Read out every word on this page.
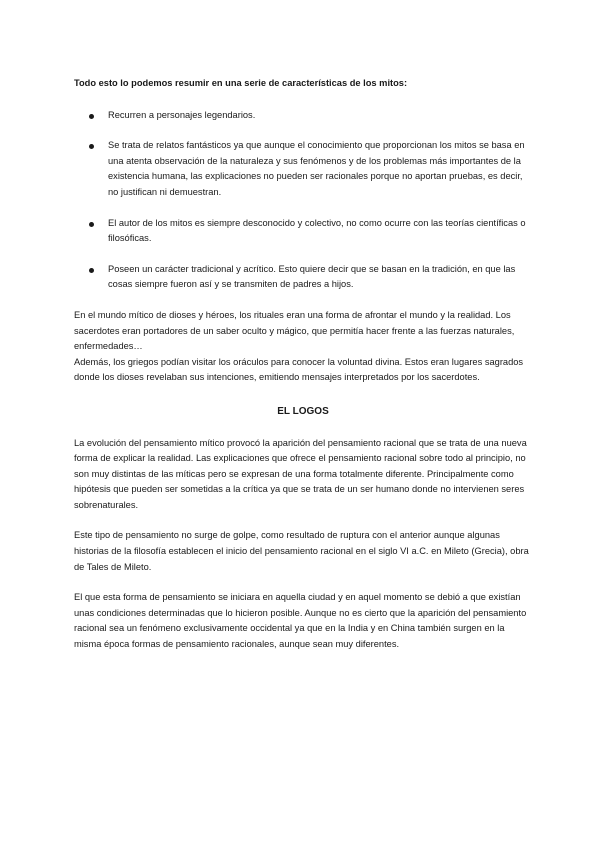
Todo esto lo podemos resumir en una serie de características de los mitos:

Recurren a personajes legendarios.
Se trata de relatos fantásticos ya que aunque el conocimiento que proporcionan los mitos se basa en una atenta observación de la naturaleza y sus fenómenos y de los problemas más importantes de la existencia humana, las explicaciones no pueden ser racionales porque no aportan pruebas, es decir, no justifican ni demuestran.
El autor de los mitos es siempre desconocido y colectivo, no como ocurre con las teorías científicas o filosóficas.
Poseen un carácter tradicional y acrítico. Esto quiere decir que se basan en la tradición, en que las cosas siempre fueron así y se transmiten de padres a hijos.

En el mundo mítico de dioses y héroes, los rituales eran una forma de afrontar el mundo y la realidad. Los sacerdotes eran portadores de un saber oculto y mágico, que permitía hacer frente a las fuerzas naturales, enfermedades…

Además, los griegos podían visitar los oráculos para conocer la voluntad divina. Estos eran lugares sagrados donde los dioses revelaban sus intenciones, emitiendo mensajes interpretados por los sacerdotes.

EL LOGOS

La evolución del pensamiento mítico provocó la aparición del pensamiento racional que se trata de una nueva forma de explicar la realidad. Las explicaciones que ofrece el pensamiento racional sobre todo al principio, no son muy distintas de las míticas pero se expresan de una forma totalmente diferente. Principalmente como hipótesis que pueden ser sometidas a la crítica ya que se trata de un ser humano donde no intervienen seres sobrenaturales.

Este tipo de pensamiento no surge de golpe, como resultado de ruptura con el anterior aunque algunas historias de la filosofía establecen el inicio del pensamiento racional en el siglo VI a.C. en Mileto (Grecia), obra de Tales de Mileto.

El que esta forma de pensamiento se iniciara en aquella ciudad y en aquel momento se debió a que existían unas condiciones determinadas que lo hicieron posible. Aunque no es cierto que la aparición del pensamiento racional sea un fenómeno exclusivamente occidental ya que en la India y en China también surgen en la misma época formas de pensamiento racionales, aunque sean muy diferentes.
